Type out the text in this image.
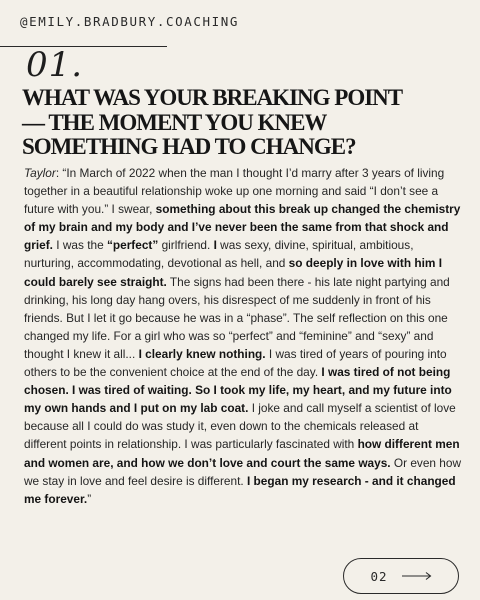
@EMILY.BRADBURY.COACHING
01.
WHAT WAS YOUR BREAKING POINT
— THE MOMENT YOU KNEW
SOMETHING HAD TO CHANGE?

Taylor: “In March of 2022 when the man I thought I’d marry after 3 years of living together in a beautiful relationship woke up one morning and said “I don’t see a future with you.” I swear, something about this break up changed the chemistry of my brain and my body and I’ve never been the same from that shock and grief. I was the “perfect” girlfriend. I was sexy, divine, spiritual, ambitious, nurturing, accommodating, devotional as hell, and so deeply in love with him I could barely see straight. The signs had been there - his late night partying and drinking, his long day hang overs, his disrespect of me suddenly in front of his friends. But I let it go because he was in a “phase”. The self reflection on this one changed my life. For a girl who was so “perfect” and “feminine” and “sexy” and thought I knew it all... I clearly knew nothing. I was tired of years of pouring into others to be the convenient choice at the end of the day. I was tired of not being chosen. I was tired of waiting. So I took my life, my heart, and my future into my own hands and I put on my lab coat. I joke and call myself a scientist of love because all I could do was study it, even down to the chemicals released at different points in relationship. I was particularly fascinated with how different men and women are, and how we don’t love and court the same ways. Or even how we stay in love and feel desire is different. I began my research - and it changed me forever.”

02
